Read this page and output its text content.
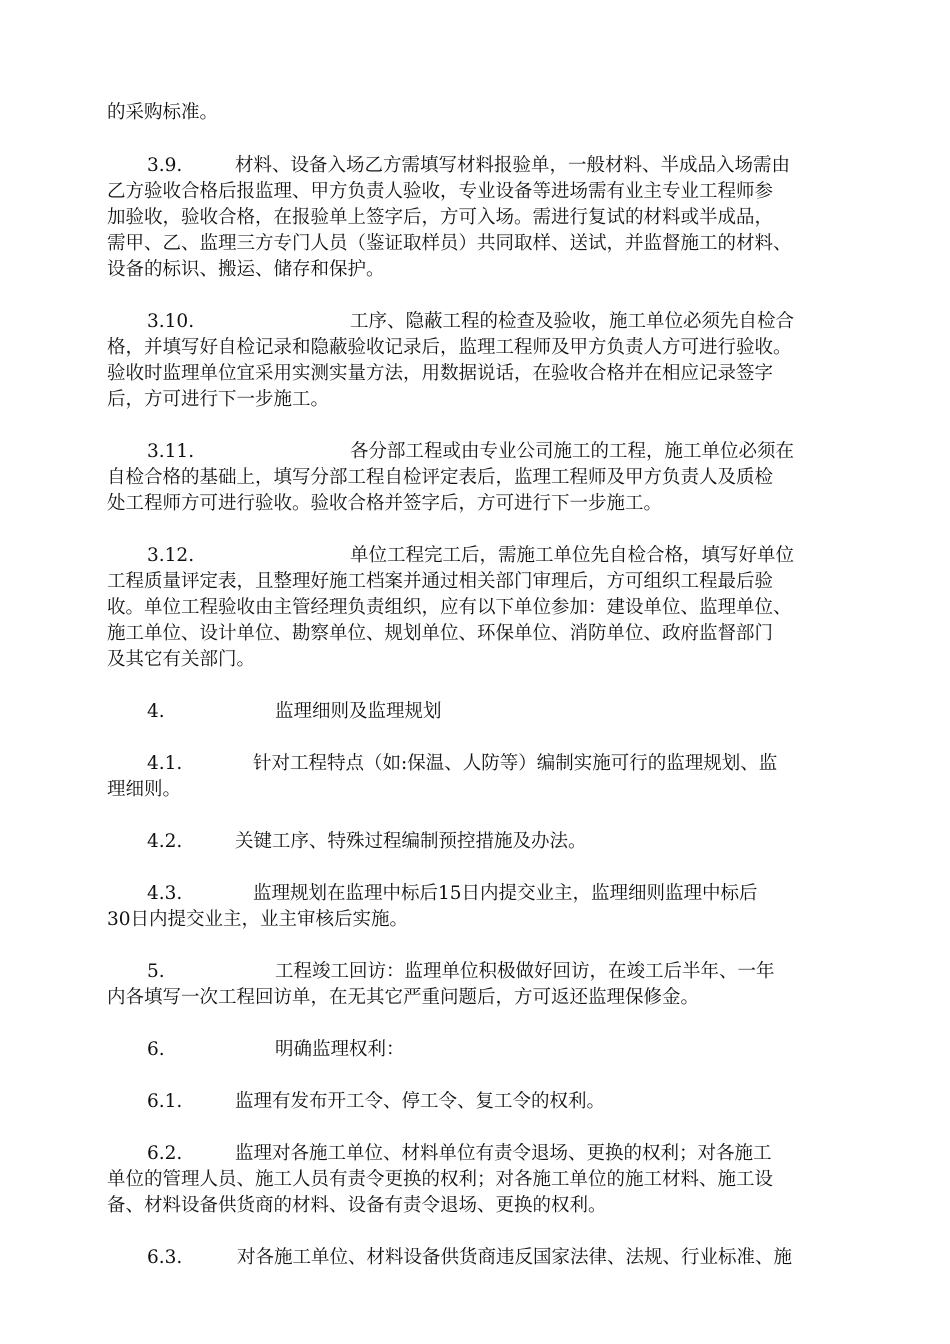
的采购标准。
3.9.	材料、设备入场乙方需填写材料报验单，一般材料、半成品入场需由
乙方验收合格后报监理、甲方负责人验收，专业设备等进场需有业主专业工程师参
加验收，验收合格，在报验单上签字后，方可入场。需进行复试的材料或半成品，
需甲、乙、监理三方专门人员（鉴证取样员）共同取样、送试，并监督施工的材料、
设备的标识、搬运、储存和保护。
3.10.	工序、隐蔽工程的检查及验收，施工单位必须先自检合
格，并填写好自检记录和隐蔽验收记录后，监理工程师及甲方负责人方可进行验收。
验收时监理单位宜采用实测实量方法，用数据说话，在验收合格并在相应记录签字
后，方可进行下一步施工。
3.11.	各分部工程或由专业公司施工的工程，施工单位必须在
自检合格的基础上，填写分部工程自检评定表后，监理工程师及甲方负责人及质检
处工程师方可进行验收。验收合格并签字后，方可进行下一步施工。
3.12.	单位工程完工后，需施工单位先自检合格，填写好单位
工程质量评定表，且整理好施工档案并通过相关部门审理后，方可组织工程最后验
收。单位工程验收由主管经理负责组织，应有以下单位参加：建设单位、监理单位、
施工单位、设计单位、勘察单位、规划单位、环保单位、消防单位、政府监督部门
及其它有关部门。
4.	监理细则及监理规划
4.1.	针对工程特点（如:保温、人防等）编制实施可行的监理规划、监
理细则。
4.2.	关键工序、特殊过程编制预控措施及办法。
4.3.	监理规划在监理中标后15日内提交业主，监理细则监理中标后
30日内提交业主，业主审核后实施。
5.	工程竣工回访：监理单位积极做好回访，在竣工后半年、一年
内各填写一次工程回访单，在无其它严重问题后，方可返还监理保修金。
6.	明确监理权利：
6.1.	监理有发布开工令、停工令、复工令的权利。
6.2.	监理对各施工单位、材料单位有责令退场、更换的权利；对各施工
单位的管理人员、施工人员有责令更换的权利；对各施工单位的施工材料、施工设
备、材料设备供货商的材料、设备有责令退场、更换的权利。
6.3.	对各施工单位、材料设备供货商违反国家法律、法规、行业标准、施
